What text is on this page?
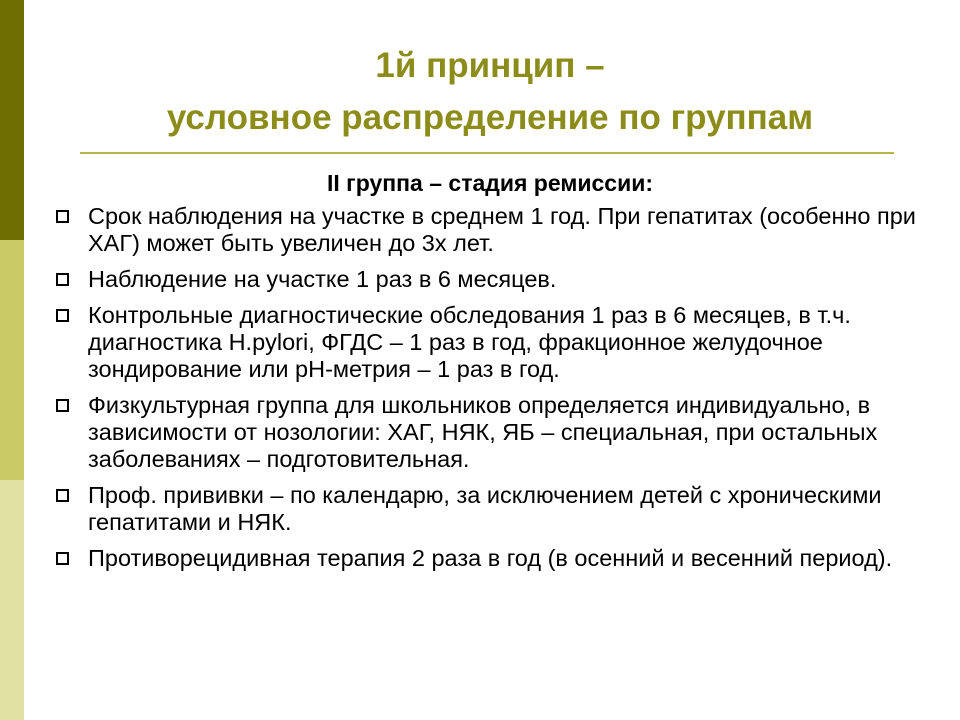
1й принцип –
условное распределение по группам
II группа – стадия ремиссии:
Срок наблюдения на участке в среднем 1 год. При гепатитах (особенно при ХАГ) может быть увеличен до 3х лет.
Наблюдение на участке 1 раз в 6 месяцев.
Контрольные диагностические обследования 1 раз в 6 месяцев, в т.ч. диагностика H.pylori, ФГДС – 1 раз в год, фракционное желудочное зондирование или рН-метрия – 1 раз в год.
Физкультурная группа для школьников определяется индивидуально, в зависимости от нозологии: ХАГ, НЯК, ЯБ – специальная, при остальных заболеваниях – подготовительная.
Проф. прививки – по календарю, за исключением детей с хроническими гепатитами и НЯК.
Противорецидивная терапия 2 раза в год (в осенний и весенний период).
